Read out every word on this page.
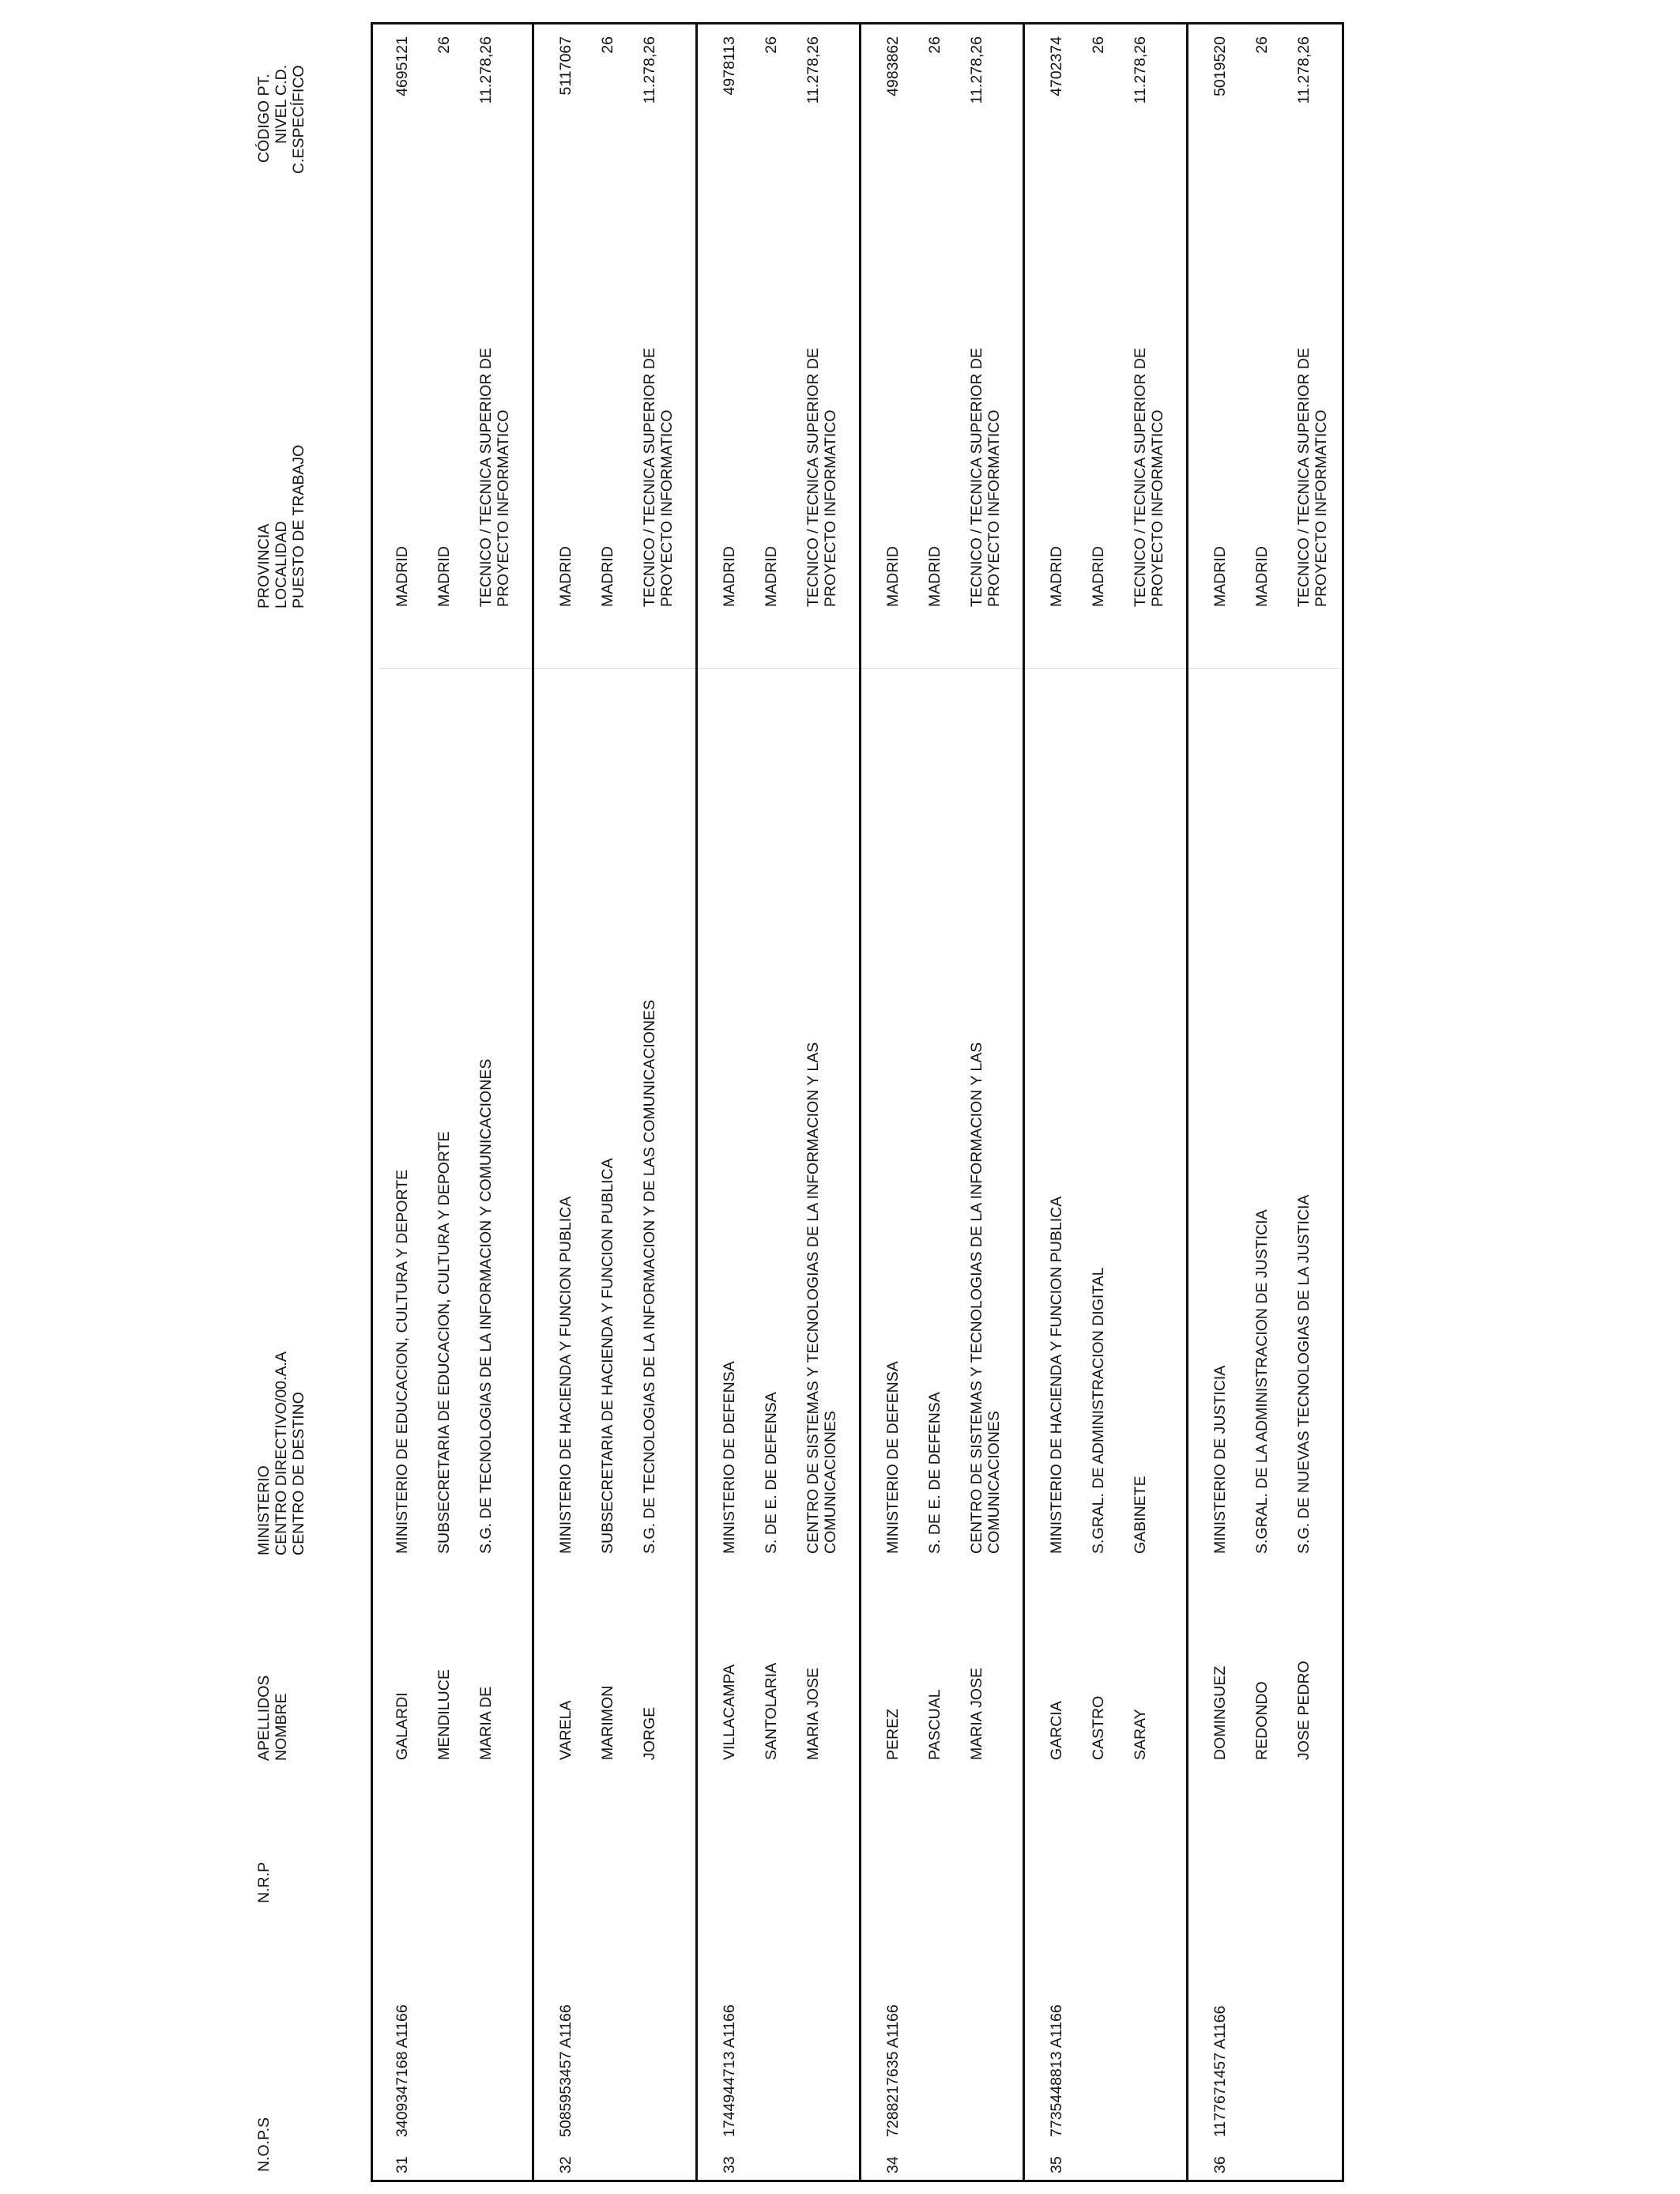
N.O.P.S
N.R.P
APELLIDOS NOMBRE
MINISTERIO CENTRO DIRECTIVO/00.A.A CENTRO DE DESTINO
PROVINCIA LOCALIDAD PUESTO DE TRABAJO
CÓDIGO PT. NIVEL C.D. C.ESPECÍFICO
31
3409347168 A1166
GALARDI MENDILUCE MARIA DE
MINISTERIO DE EDUCACION, CULTURA Y DEPORTE SUBSECRETARIA DE EDUCACION, CULTURA Y DEPORTE S.G. DE TECNOLOGIAS DE LA INFORMACION Y COMUNICACIONES
MADRID MADRID TECNICO / TECNICA SUPERIOR DE PROYECTO INFORMATICO
4695121 26 11.278,26
32
5085953457 A1166
VARELA MARIMON JORGE
MINISTERIO DE HACIENDA Y FUNCION PUBLICA SUBSECRETARIA DE HACIENDA Y FUNCION PUBLICA S.G. DE TECNOLOGIAS DE LA INFORMACION Y DE LAS COMUNICACIONES
MADRID MADRID TECNICO / TECNICA SUPERIOR DE PROYECTO INFORMATICO
5117067 26 11.278,26
33
1744944713 A1166
VILLACAMPA SANTOLARIA MARIA JOSE
MINISTERIO DE DEFENSA S. DE E. DE DEFENSA CENTRO DE SISTEMAS Y TECNOLOGIAS DE LA INFORMACION Y LAS COMUNICACIONES
MADRID MADRID TECNICO / TECNICA SUPERIOR DE PROYECTO INFORMATICO
4978113 26 11.278,26
34
7288217635 A1166
PEREZ PASCUAL MARIA JOSE
MINISTERIO DE DEFENSA S. DE E. DE DEFENSA CENTRO DE SISTEMAS Y TECNOLOGIAS DE LA INFORMACION Y LAS COMUNICACIONES
MADRID MADRID TECNICO / TECNICA SUPERIOR DE PROYECTO INFORMATICO
4983862 26 11.278,26
35
7735448813 A1166
GARCIA CASTRO SARAY
MINISTERIO DE HACIENDA Y FUNCION PUBLICA S.GRAL. DE ADMINISTRACION DIGITAL GABINETE
MADRID MADRID TECNICO / TECNICA SUPERIOR DE PROYECTO INFORMATICO
4702374 26 11.278,26
36
1177671457 A1166
DOMINGUEZ REDONDO JOSE PEDRO
MINISTERIO DE JUSTICIA S.GRAL. DE LA ADMINISTRACION DE JUSTICIA S.G. DE NUEVAS TECNOLOGIAS DE LA JUSTICIA
MADRID MADRID TECNICO / TECNICA SUPERIOR DE PROYECTO INFORMATICO
5019520 26 11.278,26
